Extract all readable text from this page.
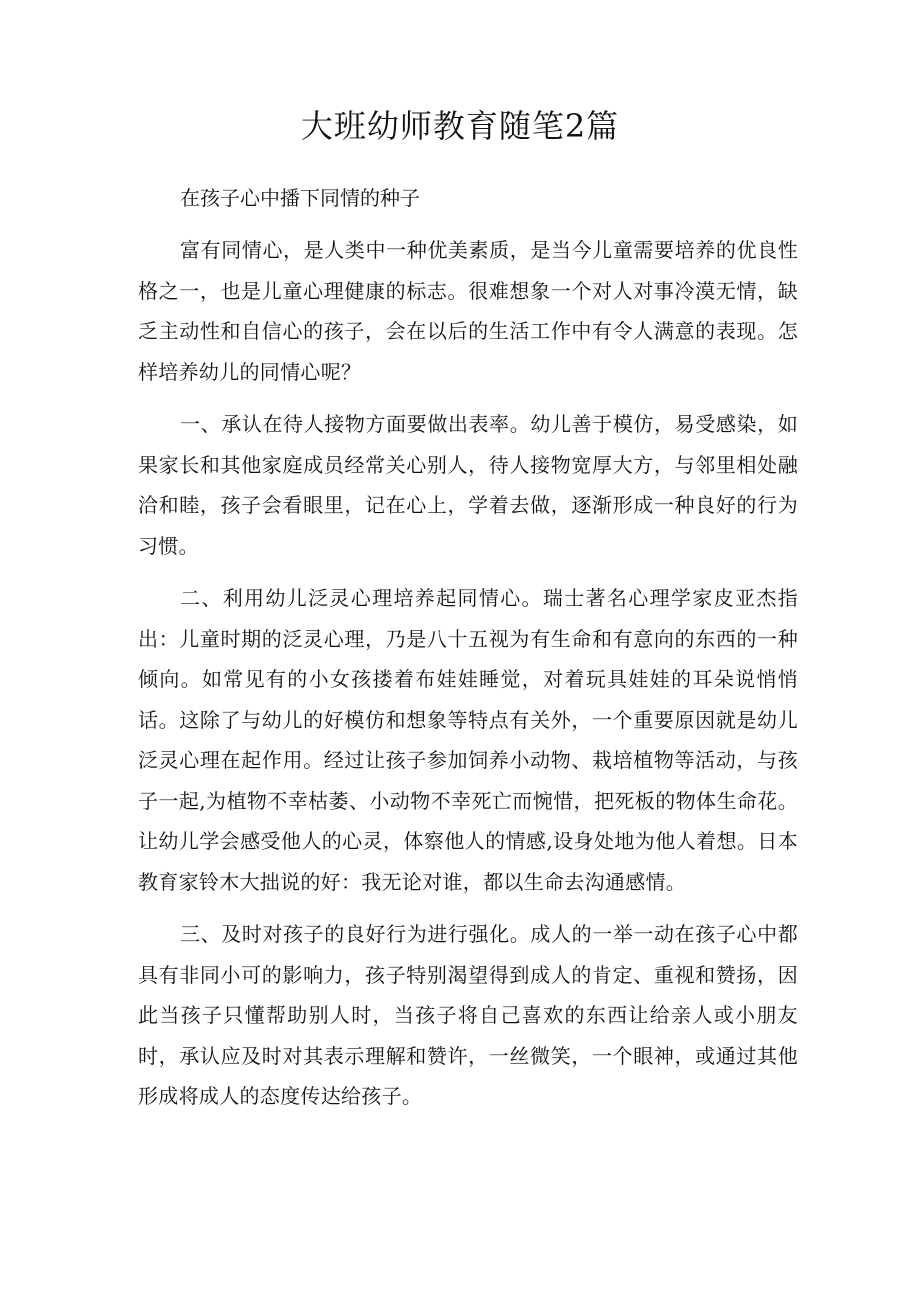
大班幼师教育随笔2篇

在孩子心中播下同情的种子

富有同情心，是人类中一种优美素质，是当今儿童需要培养的优良性格之一，也是儿童心理健康的标志。很难想象一个对人对事冷漠无情，缺乏主动性和自信心的孩子，会在以后的生活工作中有令人满意的表现。怎样培养幼儿的同情心呢？

一、承认在待人接物方面要做出表率。幼儿善于模仿，易受感染，如果家长和其他家庭成员经常关心别人，待人接物宽厚大方，与邻里相处融洽和睦，孩子会看眼里，记在心上，学着去做，逐渐形成一种良好的行为习惯。

二、利用幼儿泛灵心理培养起同情心。瑞士著名心理学家皮亚杰指出：儿童时期的泛灵心理，乃是八十五视为有生命和有意向的东西的一种倾向。如常见有的小女孩搂着布娃娃睡觉，对着玩具娃娃的耳朵说悄悄话。这除了与幼儿的好模仿和想象等特点有关外，一个重要原因就是幼儿泛灵心理在起作用。经过让孩子参加饲养小动物、栽培植物等活动，与孩子一起,为植物不幸枯萎、小动物不幸死亡而惋惜，把死板的物体生命花。让幼儿学会感受他人的心灵，体察他人的情感,设身处地为他人着想。日本教育家铃木大拙说的好：我无论对谁，都以生命去沟通感情。

三、及时对孩子的良好行为进行强化。成人的一举一动在孩子心中都具有非同小可的影响力，孩子特别渴望得到成人的肯定、重视和赞扬，因此当孩子只懂帮助别人时，当孩子将自己喜欢的东西让给亲人或小朋友时，承认应及时对其表示理解和赞许，一丝微笑，一个眼神，或通过其他形成将成人的态度传达给孩子。
